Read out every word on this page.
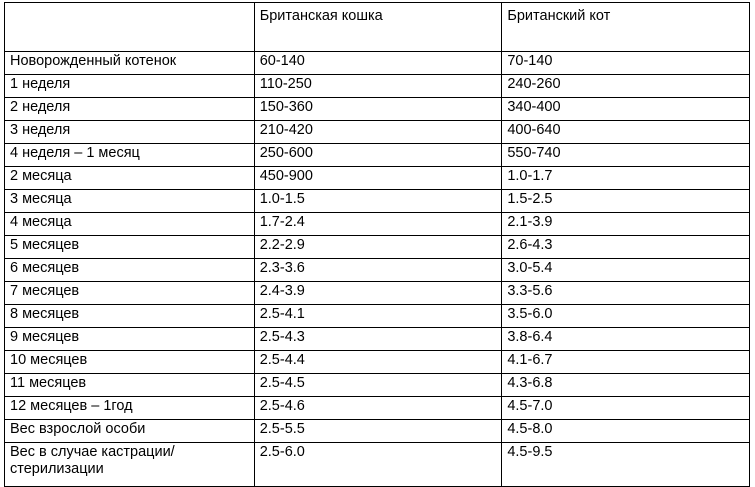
	Британская кошка	Британский кот
Новорожденный котенок	60-140	70-140
1 неделя	110-250	240-260
2 неделя	150-360	340-400
3 неделя	210-420	400-640
4 неделя – 1 месяц	250-600	550-740
2 месяца	450-900	1.0-1.7
3 месяца	1.0-1.5	1.5-2.5
4 месяца	1.7-2.4	2.1-3.9
5 месяцев	2.2-2.9	2.6-4.3
6 месяцев	2.3-3.6	3.0-5.4
7 месяцев	2.4-3.9	3.3-5.6
8 месяцев	2.5-4.1	3.5-6.0
9 месяцев	2.5-4.3	3.8-6.4
10 месяцев	2.5-4.4	4.1-6.7
11 месяцев	2.5-4.5	4.3-6.8
12 месяцев – 1год	2.5-4.6	4.5-7.0
Вес взрослой особи	2.5-5.5	4.5-8.0
Вес в случае кастрации/стерилизации	2.5-6.0	4.5-9.5
